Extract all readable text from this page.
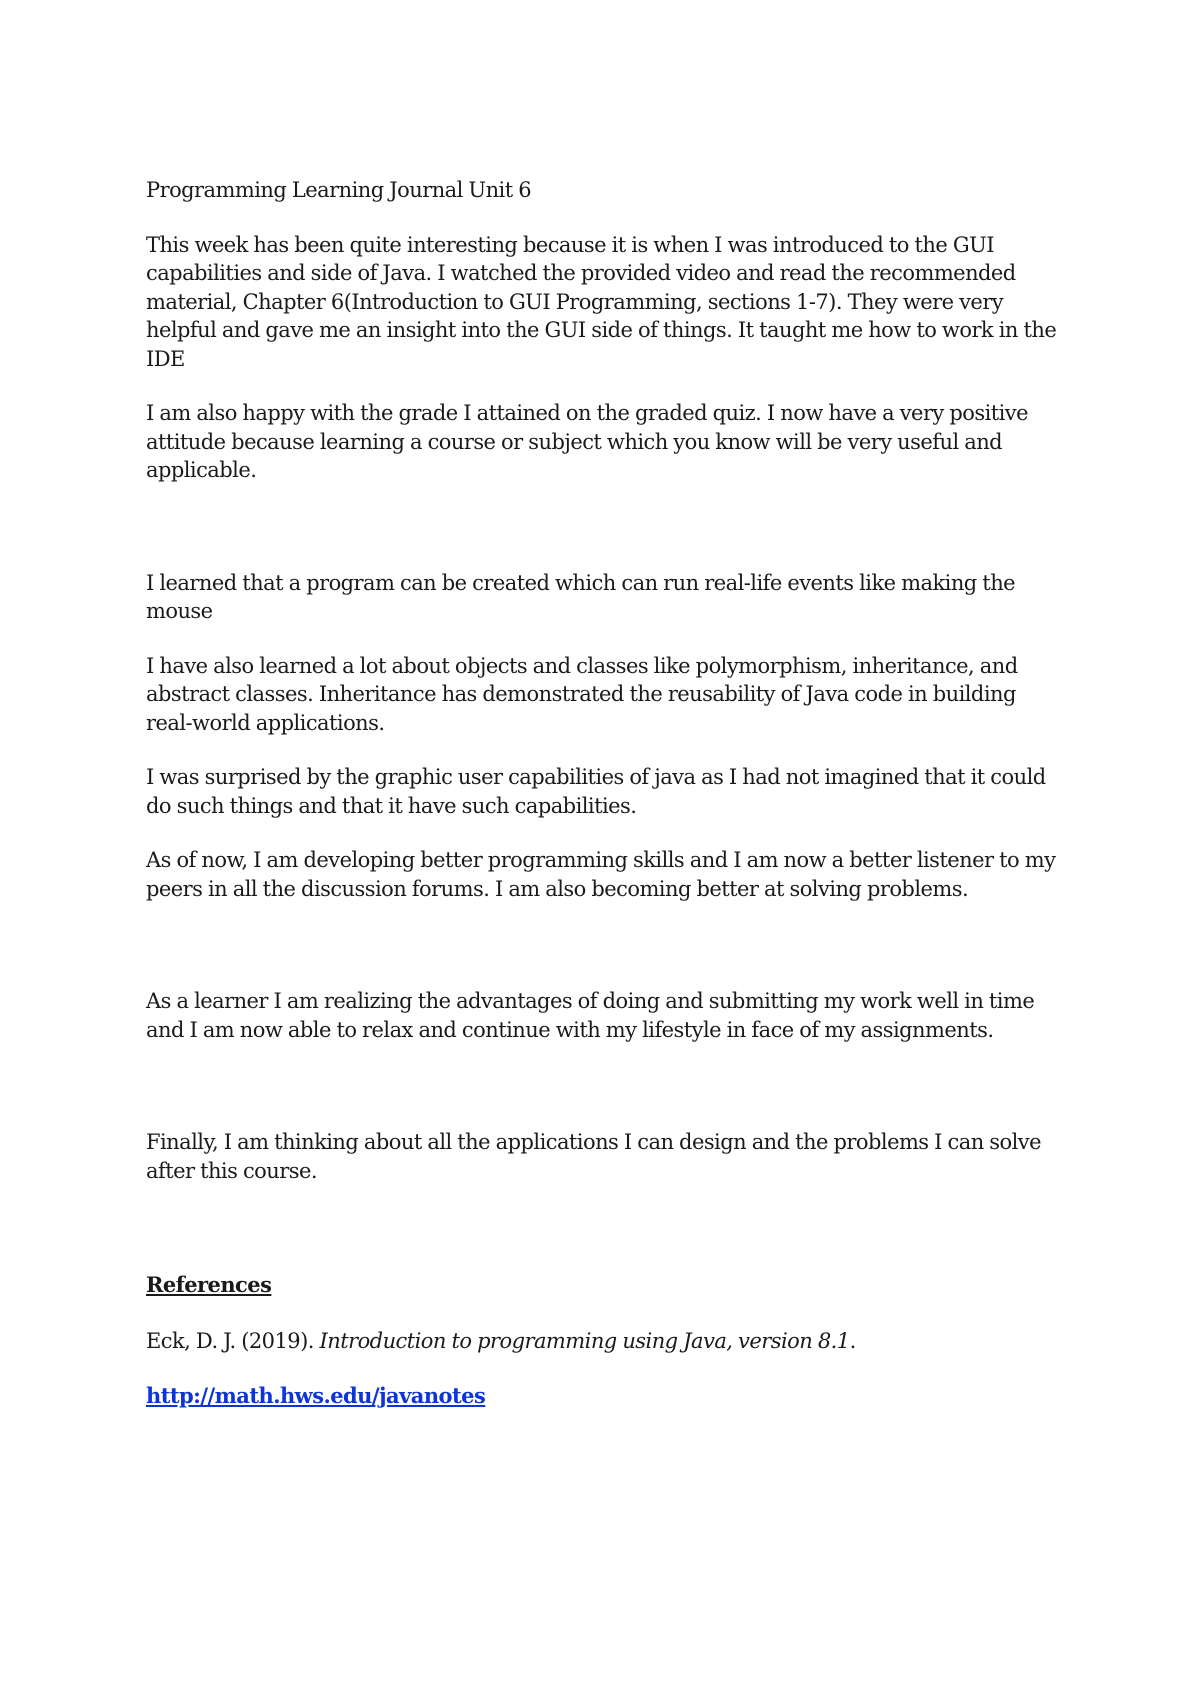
Programming Learning Journal Unit 6

This week has been quite interesting because it is when I was introduced to the GUI capabilities and side of Java. I watched the provided video and read the recommended material, Chapter 6(Introduction to GUI Programming, sections 1-7). They were very helpful and gave me an insight into the GUI side of things. It taught me how to work in the IDE

I am also happy with the grade I attained on the graded quiz. I now have a very positive attitude because learning a course or subject which you know will be very useful and applicable.

I learned that a program can be created which can run real-life events like making the mouse

I have also learned a lot about objects and classes like polymorphism, inheritance, and abstract classes. Inheritance has demonstrated the reusability of Java code in building real-world applications.

I was surprised by the graphic user capabilities of java as I had not imagined that it could do such things and that it have such capabilities.

As of now, I am developing better programming skills and I am now a better listener to my peers in all the discussion forums. I am also becoming better at solving problems.

As a learner I am realizing the advantages of doing and submitting my work well in time and I am now able to relax and continue with my lifestyle in face of my assignments.

Finally, I am thinking about all the applications I can design and the problems I can solve after this course.

References

Eck, D. J. (2019). Introduction to programming using Java, version 8.1.

http://math.hws.edu/javanotes
